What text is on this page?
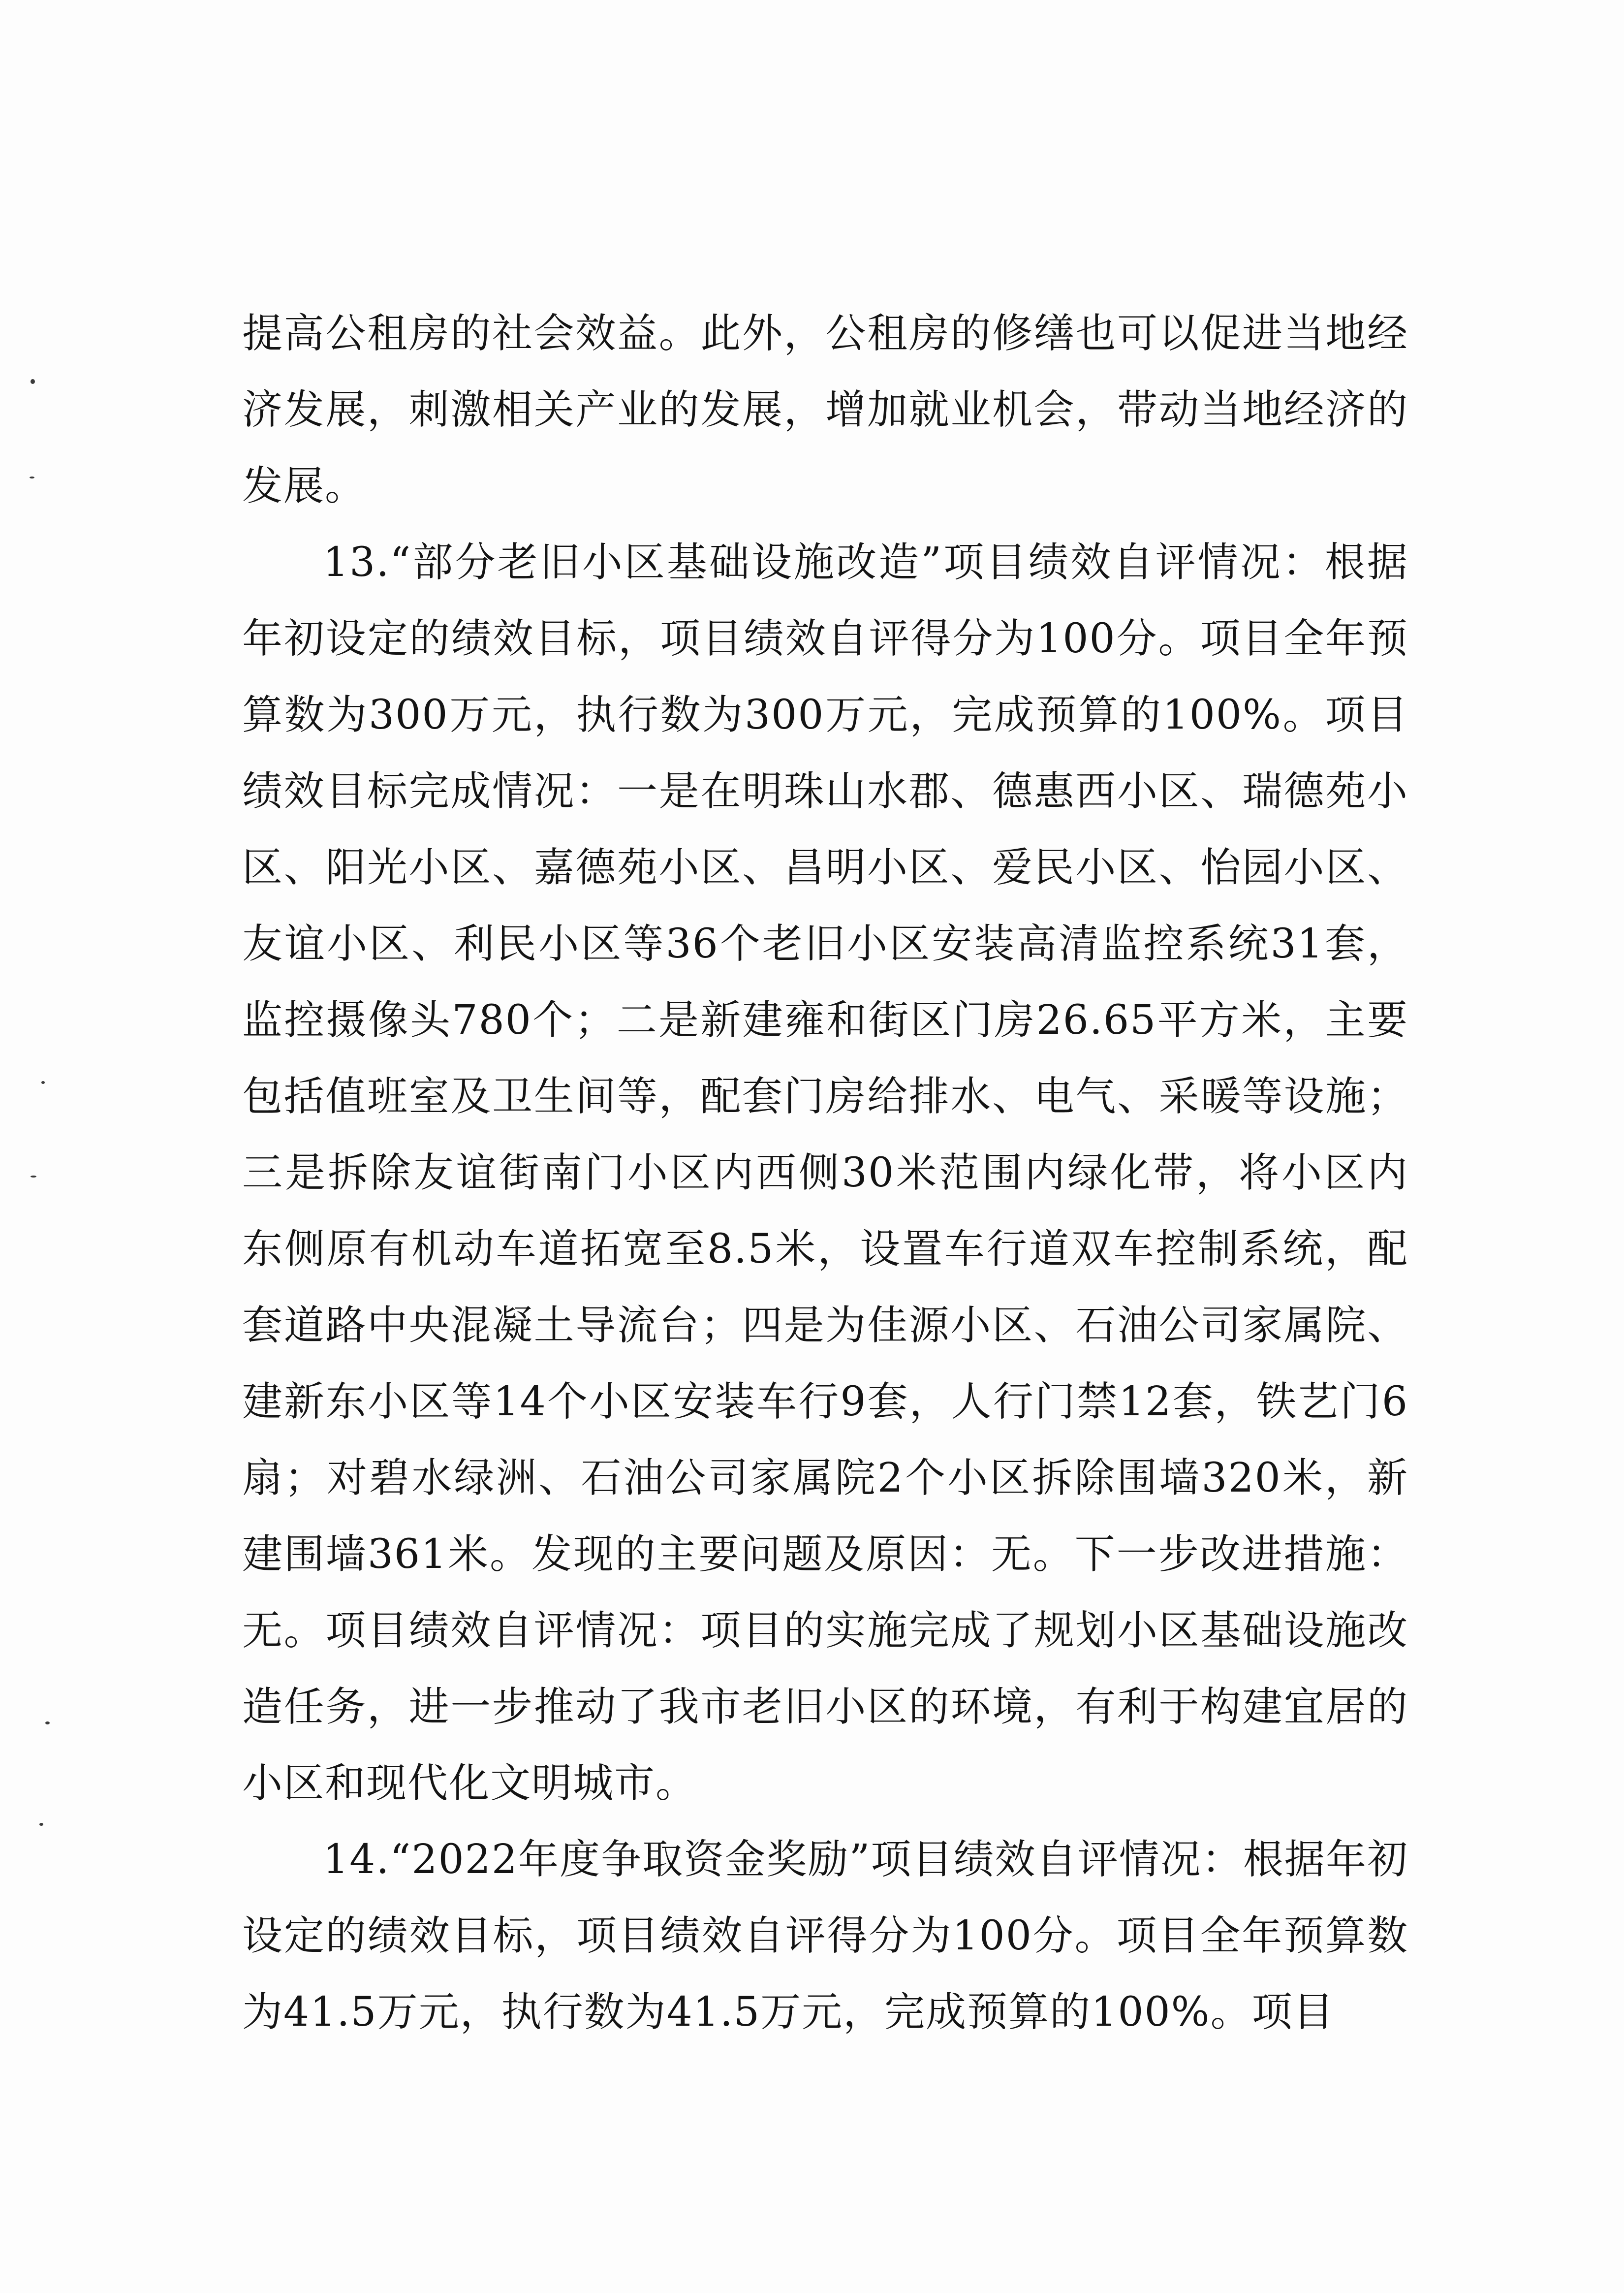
提高公租房的社会效益。此外，公租房的修缮也可以促进当地经济发展，刺激相关产业的发展，增加就业机会，带动当地经济的发展。

13.“部分老旧小区基础设施改造”项目绩效自评情况：根据年初设定的绩效目标，项目绩效自评得分为100分。项目全年预算数为300万元，执行数为300万元，完成预算的100%。项目绩效目标完成情况：一是在明珠山水郡、德惠西小区、瑞德苑小区、阳光小区、嘉德苑小区、昌明小区、爱民小区、怡园小区、友谊小区、利民小区等36个老旧小区安装高清监控系统31套，监控摄像头780个；二是新建雍和街区门房26.65平方米，主要包括值班室及卫生间等，配套门房给排水、电气、采暖等设施；三是拆除友谊街南门小区内西侧30米范围内绿化带，将小区内东侧原有机动车道拓宽至8.5米，设置车行道双车控制系统，配套道路中央混凝土导流台；四是为佳源小区、石油公司家属院、建新东小区等14个小区安装车行9套，人行门禁12套，铁艺门6扇；对碧水绿洲、石油公司家属院2个小区拆除围墙320米，新建围墙361米。发现的主要问题及原因：无。下一步改进措施：无。项目绩效自评情况：项目的实施完成了规划小区基础设施改造任务，进一步推动了我市老旧小区的环境，有利于构建宜居的小区和现代化文明城市。

14.“2022年度争取资金奖励”项目绩效自评情况：根据年初设定的绩效目标，项目绩效自评得分为100分。项目全年预算数为41.5万元，执行数为41.5万元，完成预算的100%。项目
